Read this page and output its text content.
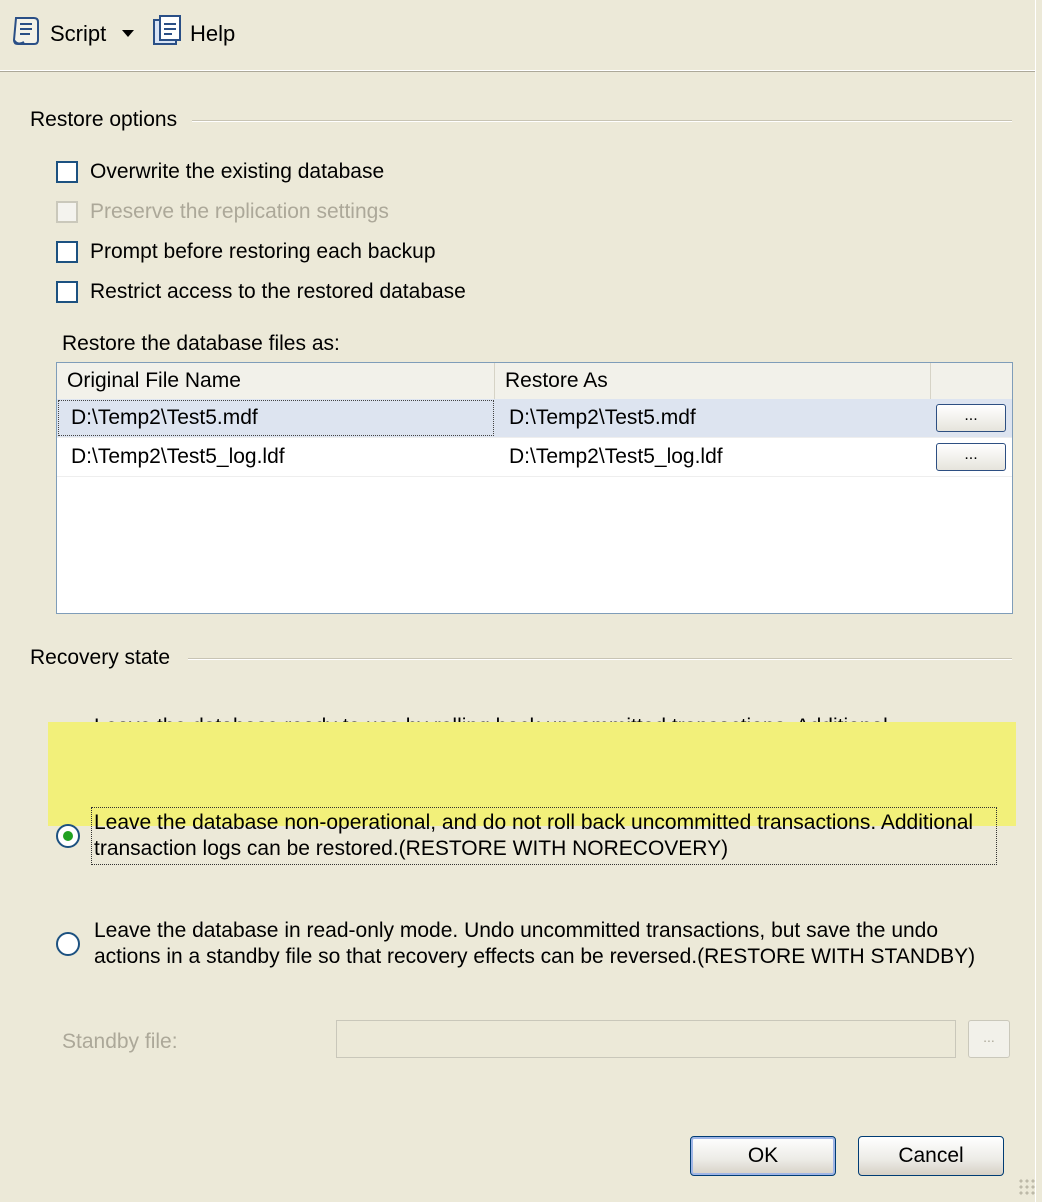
Script	Help
Restore options
Overwrite the existing database
Preserve the replication settings
Prompt before restoring each backup
Restrict access to the restored database
Restore the database files as:
Original File Name	Restore As
D:\Temp2\Test5.mdf	D:\Temp2\Test5.mdf	...
D:\Temp2\Test5_log.ldf	D:\Temp2\Test5_log.ldf	...
Recovery state
Leave the database non-operational, and do not roll back uncommitted transactions. Additional
transaction logs can be restored.(RESTORE WITH NORECOVERY)
Leave the database in read-only mode. Undo uncommitted transactions, but save the undo
actions in a standby file so that recovery effects can be reversed.(RESTORE WITH STANDBY)
Standby file:	...
OK	Cancel
